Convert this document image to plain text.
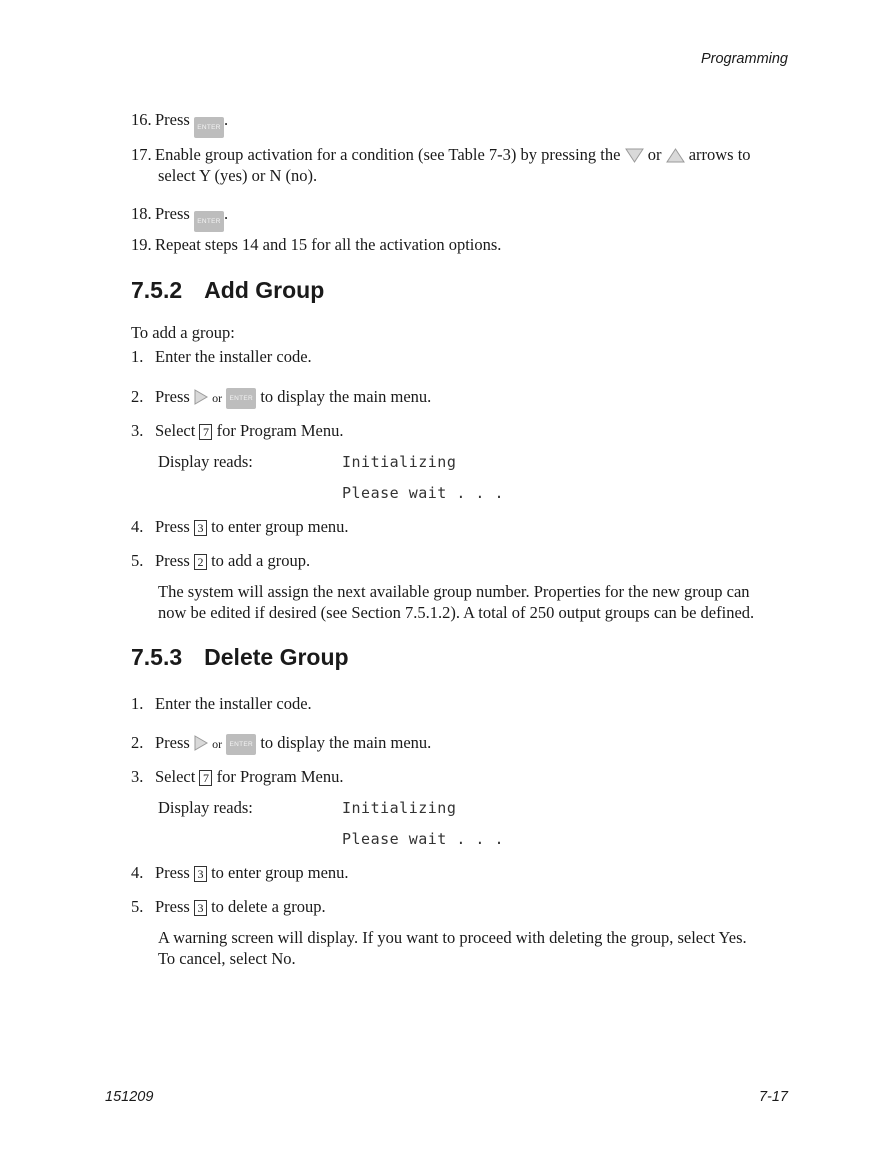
Programming
16. Press ENTER .
17. Enable group activation for a condition (see Table 7-3) by pressing the or arrows to
select Y (yes) or N (no).
18. Press ENTER .
19. Repeat steps 14 and 15 for all the activation options.
7.5.2 Add Group
To add a group:
1. Enter the installer code.
2. Press or ENTER to display the main menu.
3. Select 7 for Program Menu.
Display reads:	Initializing
Please wait . . .
4. Press 3 to enter group menu.
5. Press 2 to add a group.
The system will assign the next available group number. Properties for the new group can
now be edited if desired (see Section 7.5.1.2). A total of 250 output groups can be defined.
7.5.3 Delete Group
1. Enter the installer code.
2. Press or ENTER to display the main menu.
3. Select 7 for Program Menu.
Display reads:	Initializing
Please wait . . .
4. Press 3 to enter group menu.
5. Press 3 to delete a group.
A warning screen will display. If you want to proceed with deleting the group, select Yes.
To cancel, select No.
151209	7-17
